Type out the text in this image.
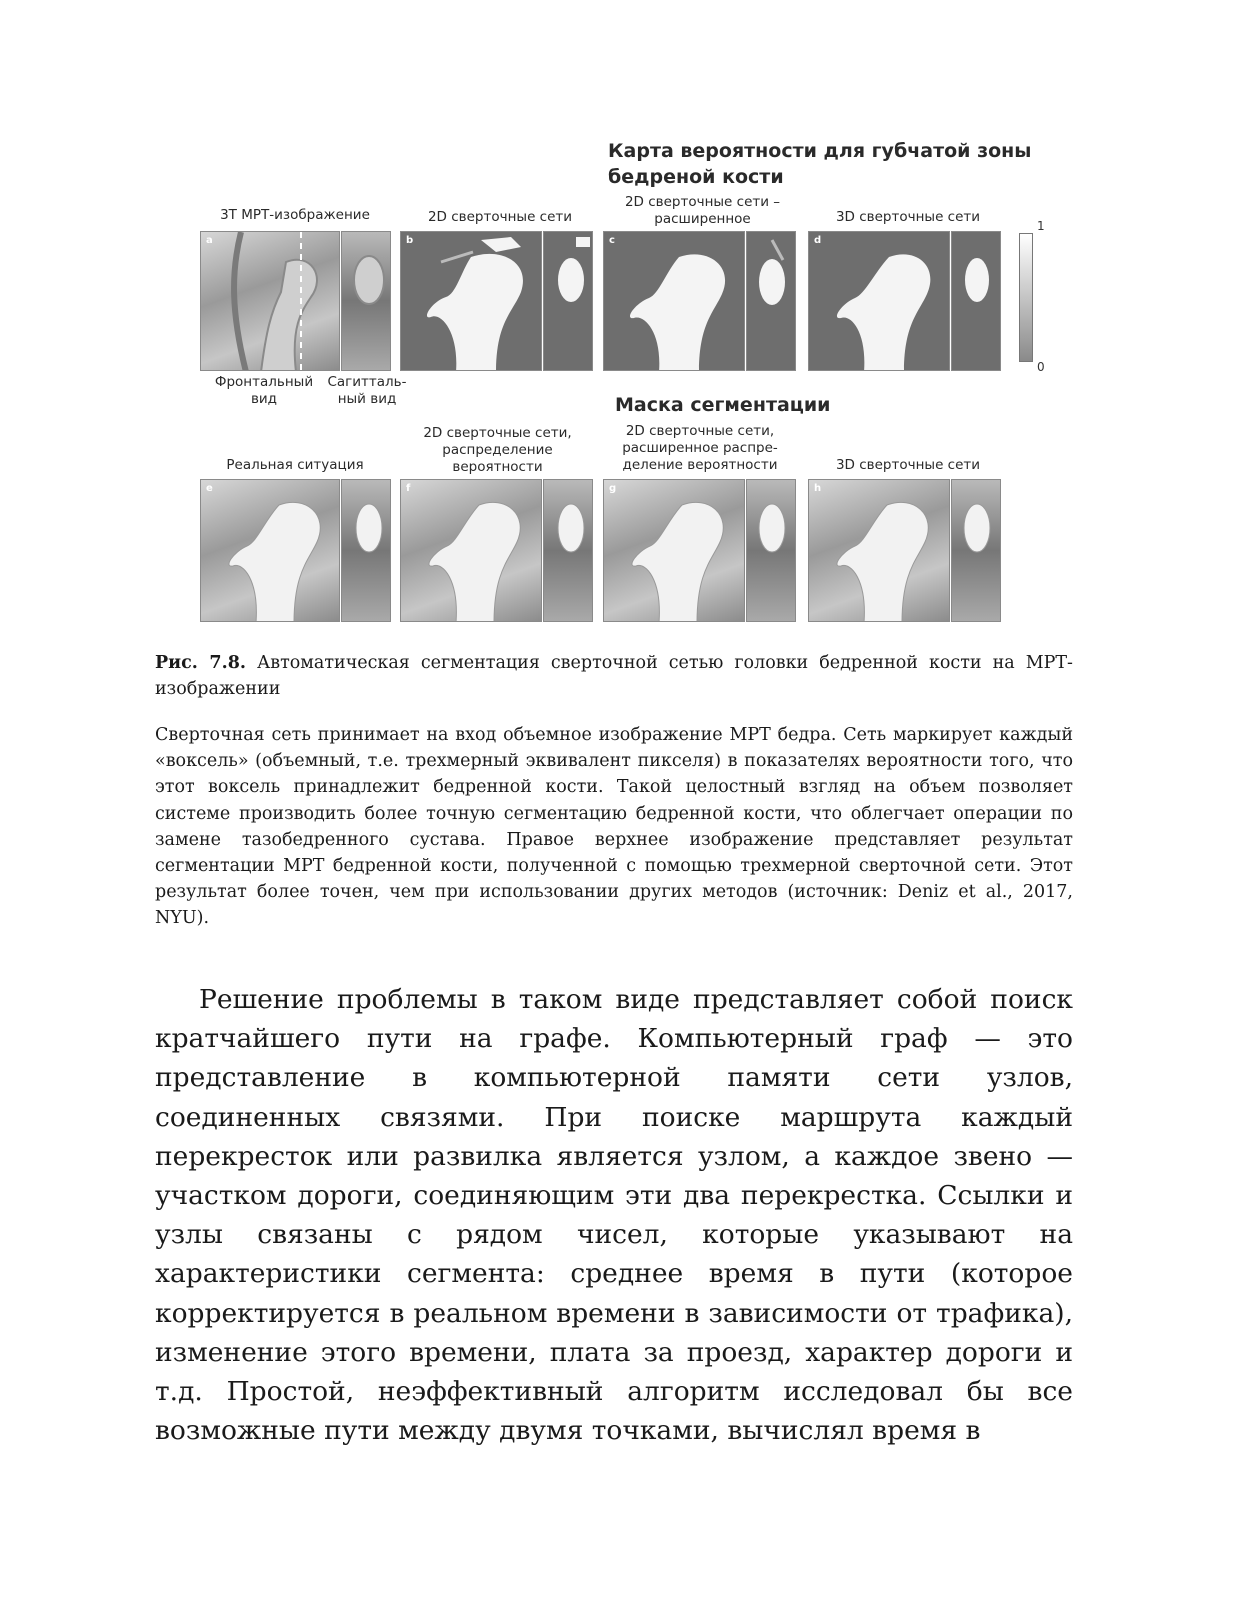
Карта вероятности для губчатой зоны
бедреной кости
3Т МРТ-изображение	2D сверточные сети
2D сверточные сети –
расширенное	3D сверточные сети
a	b	c	d
1
0
Фронтальный
вид
Сагитталь-
ный вид	Маска сегментации
Реальная ситуация
2D сверточные сети,
распределение
вероятности
2D сверточные сети,
расширенное распре-
деление вероятности	3D сверточные сети
e	f	g	h
Рис. 7.8. Автоматическая сегментация сверточной сетью головки бедренной кости на МРТ-изображении
Сверточная сеть принимает на вход объемное изображение МРТ бедра. Сеть маркирует каждый «воксель» (объемный, т.е. трехмерный эквивалент пикселя) в показателях вероятности того, что этот воксель принадлежит бедренной кости. Такой целостный взгляд на объем позволяет системе производить более точную сегментацию бедренной кости, что облегчает операции по замене тазобедренного сустава. Правое верхнее изображение представляет результат сегментации МРТ бедренной кости, полученной с помощью трехмерной сверточной сети. Этот результат более точен, чем при использовании других методов (источник: Deniz et al., 2017, NYU).

Решение проблемы в таком виде представляет собой поиск кратчайшего пути на графе. Компьютерный граф — это представление в компьютерной памяти сети узлов, соединенных связями. При поиске маршрута каждый перекресток или развилка является узлом, а каждое звено — участком дороги, соединяющим эти два перекрестка. Ссылки и узлы связаны с рядом чисел, которые указывают на характеристики сегмента: среднее время в пути (которое корректируется в реальном времени в зависимости от трафика), изменение этого времени, плата за проезд, характер дороги и т.д. Простой, неэффективный алгоритм исследовал бы все возможные пути между двумя точками, вычислял время в
